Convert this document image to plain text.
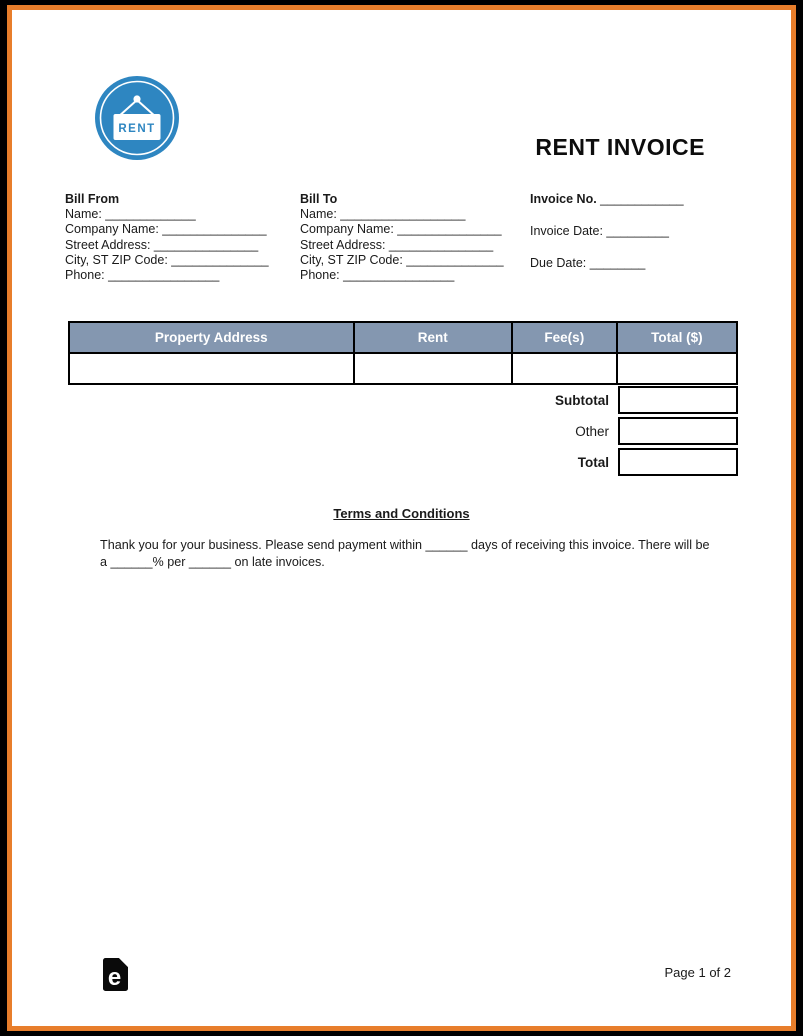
RENT
RENT INVOICE
Bill From
Name: _____________
Company Name: _______________
Street Address: _______________
City, ST ZIP Code: ______________
Phone: ________________
Bill To
Name: __________________
Company Name: _______________
Street Address: _______________
City, ST ZIP Code: ______________
Phone: ________________

Invoice No. ____________

Invoice Date: _________

Due Date: ________

Property Address	Rent	Fee(s)	Total ($)

Subtotal
Other
Total
Terms and Conditions
Thank you for your business. Please send payment within ______ days of receiving this invoice. There will be a ______% per ______ on late invoices.
e	Page 1 of 2
